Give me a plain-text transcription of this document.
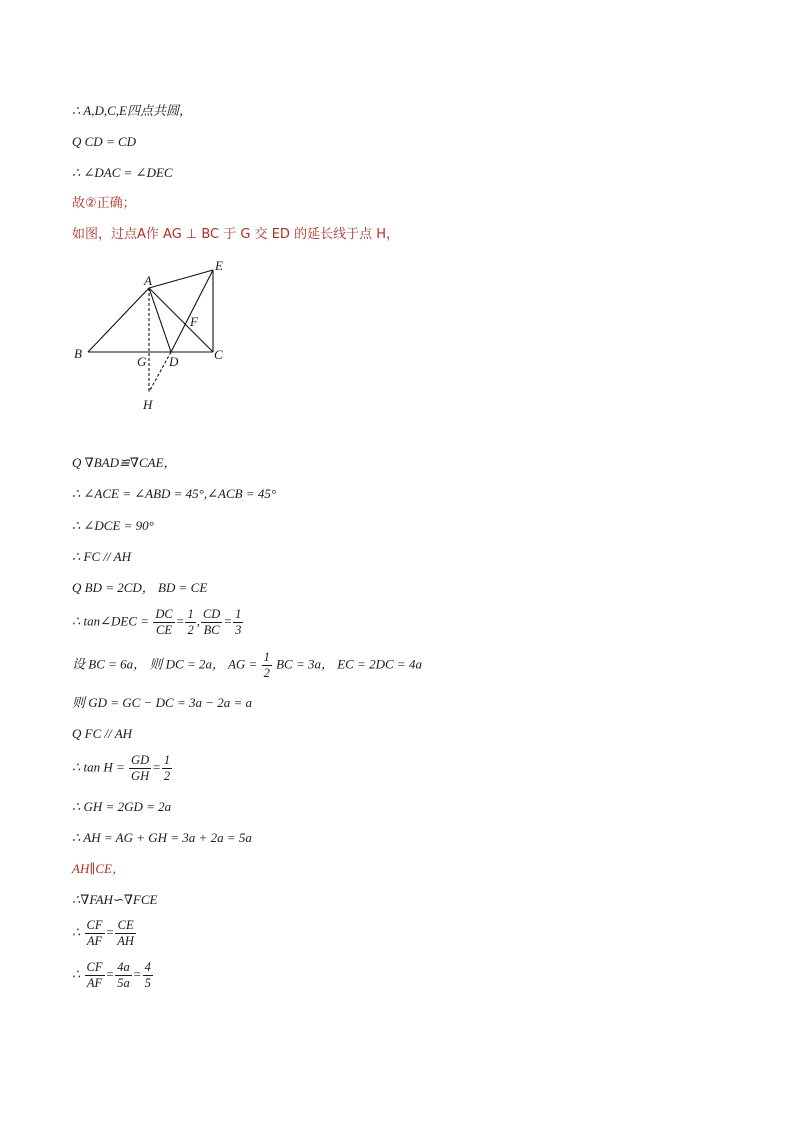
∴ A,D,C,E四点共圆，
Q CD = CD
∴ ∠DAC = ∠DEC
故②正确；
如图，过点A作 AG ⊥ BC 于 G 交 ED 的延长线于点 H，
A
E
F
B
G D	C
H
Q ∇BAD≌∇CAE，
∴ ∠ACE = ∠ABD = 45°,∠ACB = 45°
∴ ∠DCE = 90°
∴ FC // AH
Q BD = 2CD， BD = CE
∴ tan∠DEC = $\frac{DC}{CE} = \frac{1}{2}$ , $\frac{CD}{BC} = \frac{1}{3}$
设 BC = 6a， 则 DC = 2a， AG = $\frac{1}{2}$ BC = 3a， EC = 2DC = 4a
则 GD = GC − DC = 3a − 2a = a
Q FC // AH
∴ $\tan H = \frac{GD}{GH} = \frac{1}{2}$
∴ GH = 2GD = 2a
∴ AH = AG + GH = 3a + 2a = 5a
AH∥CE，
∴∇FAH∽∇FCE
∴ $\frac{CF}{AF} = \frac{CE}{AH}$
∴ $\frac{CF}{AF} = \frac{4a}{5a} = \frac{4}{5}$
